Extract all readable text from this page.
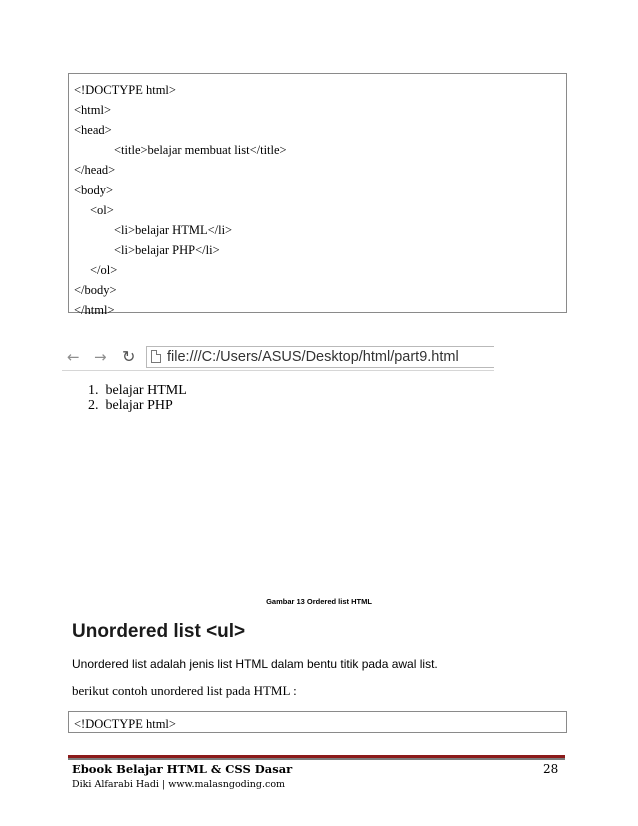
<!DOCTYPE html>
<html>
<head>
<title>belajar membuat list</title>
</head>
<body>
<ol>
<li>belajar HTML</li>
<li>belajar PHP</li>
</ol>
</body>
</html>
← → ↻ file:///C:/Users/ASUS/Desktop/html/part9.html
1.  belajar HTML
2.  belajar PHP
Gambar 13 Ordered list HTML
Unordered list <ul>
Unordered list adalah jenis list HTML dalam bentu titik pada awal list.
berikut contoh unordered list pada HTML :
<!DOCTYPE html>
Ebook Belajar HTML & CSS Dasar	28
Diki Alfarabi Hadi | www.malasngoding.com
